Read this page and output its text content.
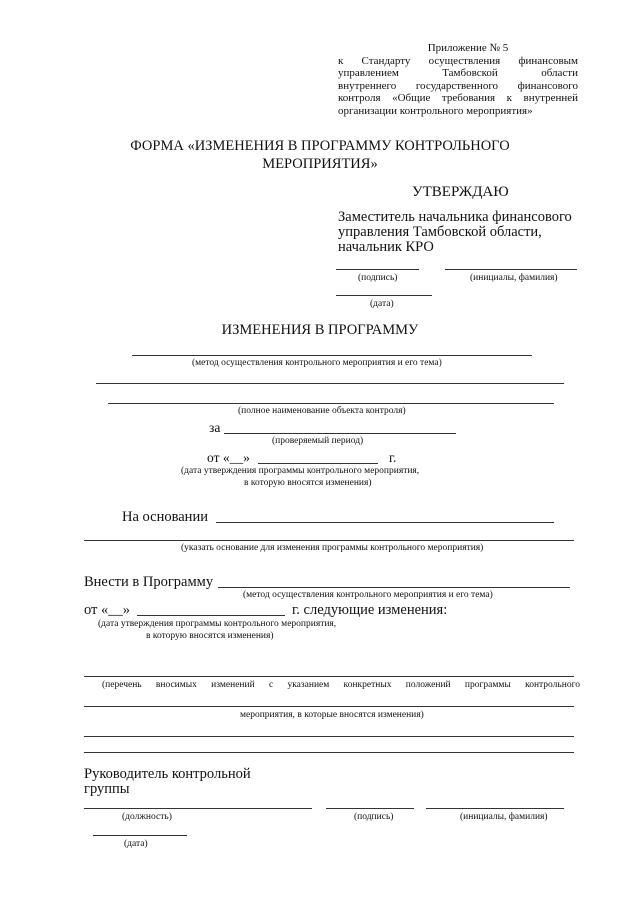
Приложение № 5
к Стандарту осуществления финансовым
управлением Тамбовской области
внутреннего государственного финансового
контроля «Общие требования к внутренней
организации контрольного мероприятия»
ФОРМА «ИЗМЕНЕНИЯ В ПРОГРАММУ КОНТРОЛЬНОГО
МЕРОПРИЯТИЯ»
УТВЕРЖДАЮ
Заместитель начальника финансового
управления Тамбовской области,
начальник КРО
(подпись)	(инициалы, фамилия)
(дата)
ИЗМЕНЕНИЯ В ПРОГРАММУ
(метод осуществления контрольного мероприятия и его тема)
(полное наименование объекта контроля)
за
(проверяемый период)
от «__»	г.
(дата утверждения программы контрольного мероприятия,
в которую вносятся изменения)
На основании
(указать основание для изменения программы контрольного мероприятия)
Внести в Программу
(метод осуществления контрольного мероприятия и его тема)
от «__»	г. следующие изменения:
(дата утверждения программы контрольного мероприятия,
в которую вносятся изменения)
(перечень вносимых изменений с указанием конкретных положений программы контрольного
мероприятия, в которые вносятся изменения)
Руководитель контрольной
группы
(должность)	(подпись)	(инициалы, фамилия)
(дата)
